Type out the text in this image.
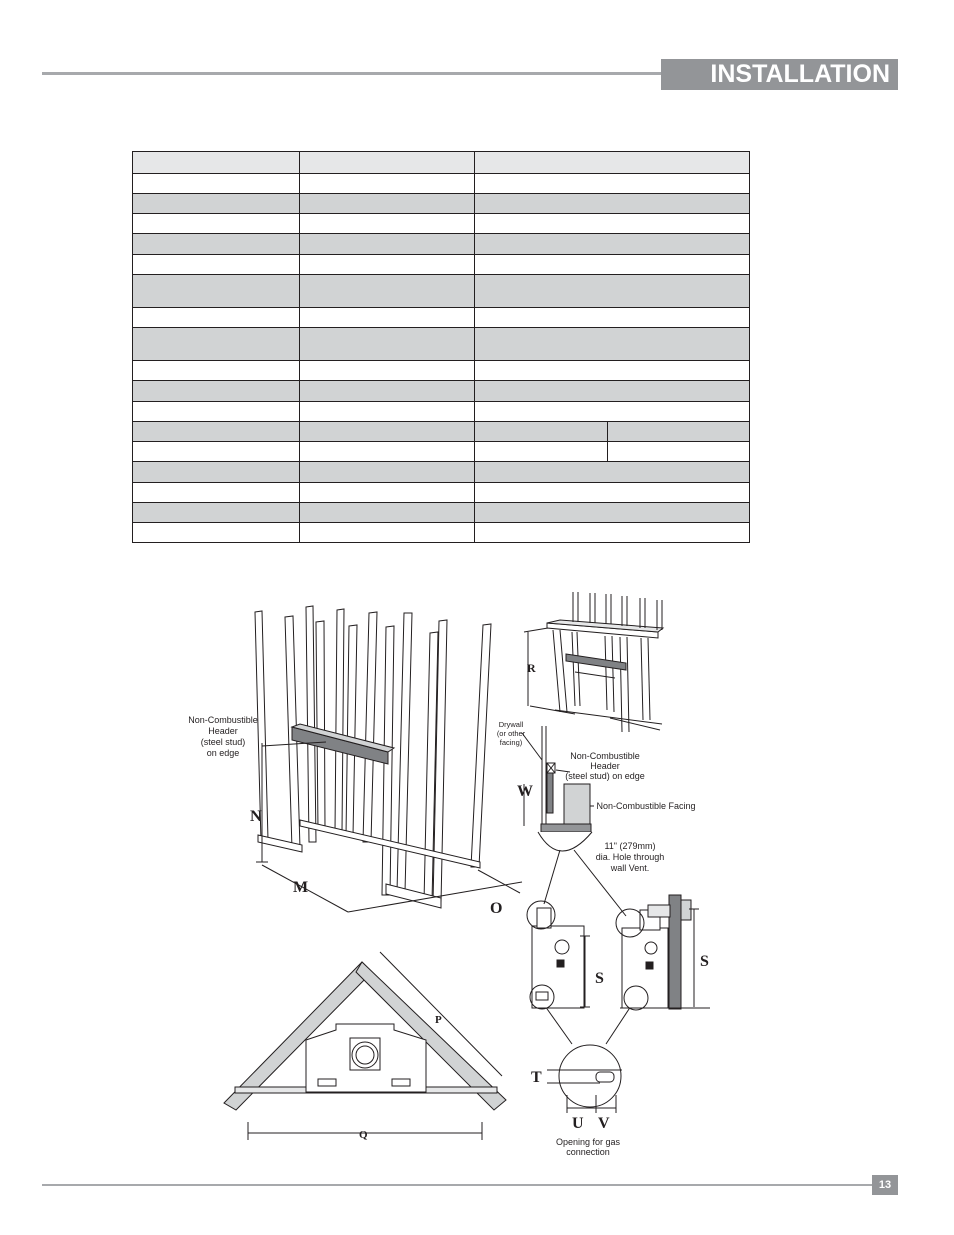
INSTALLATION

N
M
O
R
W
S
S
P
Q
T
U V
Non-Combustible
Header
(steel stud)
on edge
Drywall
(or other
facing)
Non-Combustible
Header
(steel stud) on edge
Non-Combustible Facing
11" (279mm)
dia. Hole through
wall Vent.
Opening for gas
connection
13
